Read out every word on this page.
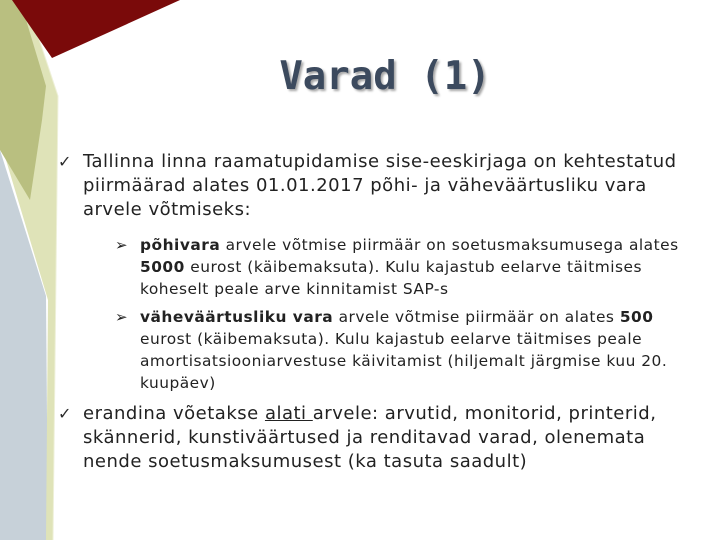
Varad (1)
✓ Tallinna linna raamatupidamise sise-eeskirjaga on kehtestatud piirmäärad alates 01.01.2017 põhi- ja väheväärtusliku vara arvele võtmiseks:
➢ põhivara arvele võtmise piirmäär on soetusmaksumusega alates 5000 eurost (käibemaksuta). Kulu kajastub eelarve täitmises koheselt peale arve kinnitamist SAP-s
➢ väheväärtusliku vara arvele võtmise piirmäär on alates 500 eurost (käibemaksuta). Kulu kajastub eelarve täitmises peale amortisatsiooniarvestuse käivitamist (hiljemalt järgmise kuu 20. kuupäev)
✓ erandina võetakse alati arvele: arvutid, monitorid, printerid, skännerid, kunstiväärtused ja renditavad varad, olenemata nende soetusmaksumusest (ka tasuta saadult)
